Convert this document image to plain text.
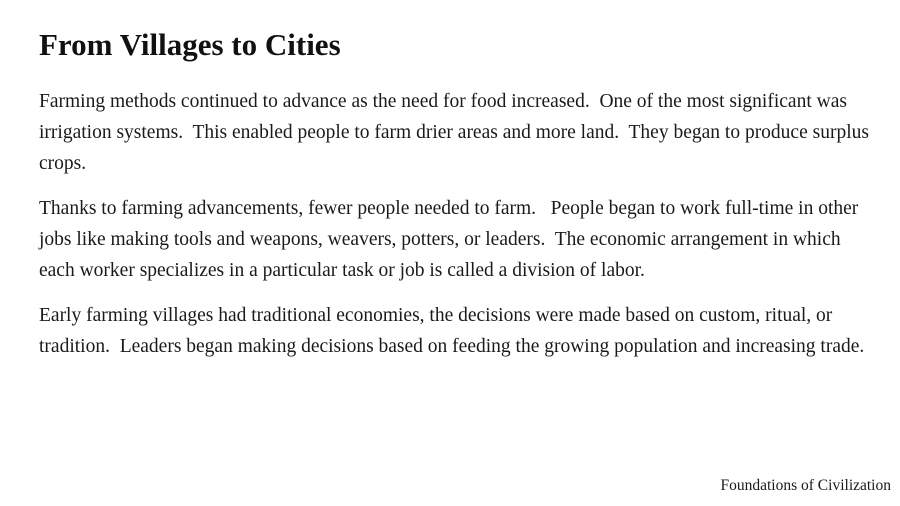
From Villages to Cities

Farming methods continued to advance as the need for food increased.  One of the most significant was irrigation systems.  This enabled people to farm drier areas and more land.  They began to produce surplus crops.

Thanks to farming advancements, fewer people needed to farm.   People began to work full-time in other jobs like making tools and weapons, weavers, potters, or leaders.  The economic arrangement in which each worker specializes in a particular task or job is called a division of labor.

Early farming villages had traditional economies, the decisions were made based on custom, ritual, or tradition.  Leaders began making decisions based on feeding the growing population and increasing trade.

Foundations of Civilization
